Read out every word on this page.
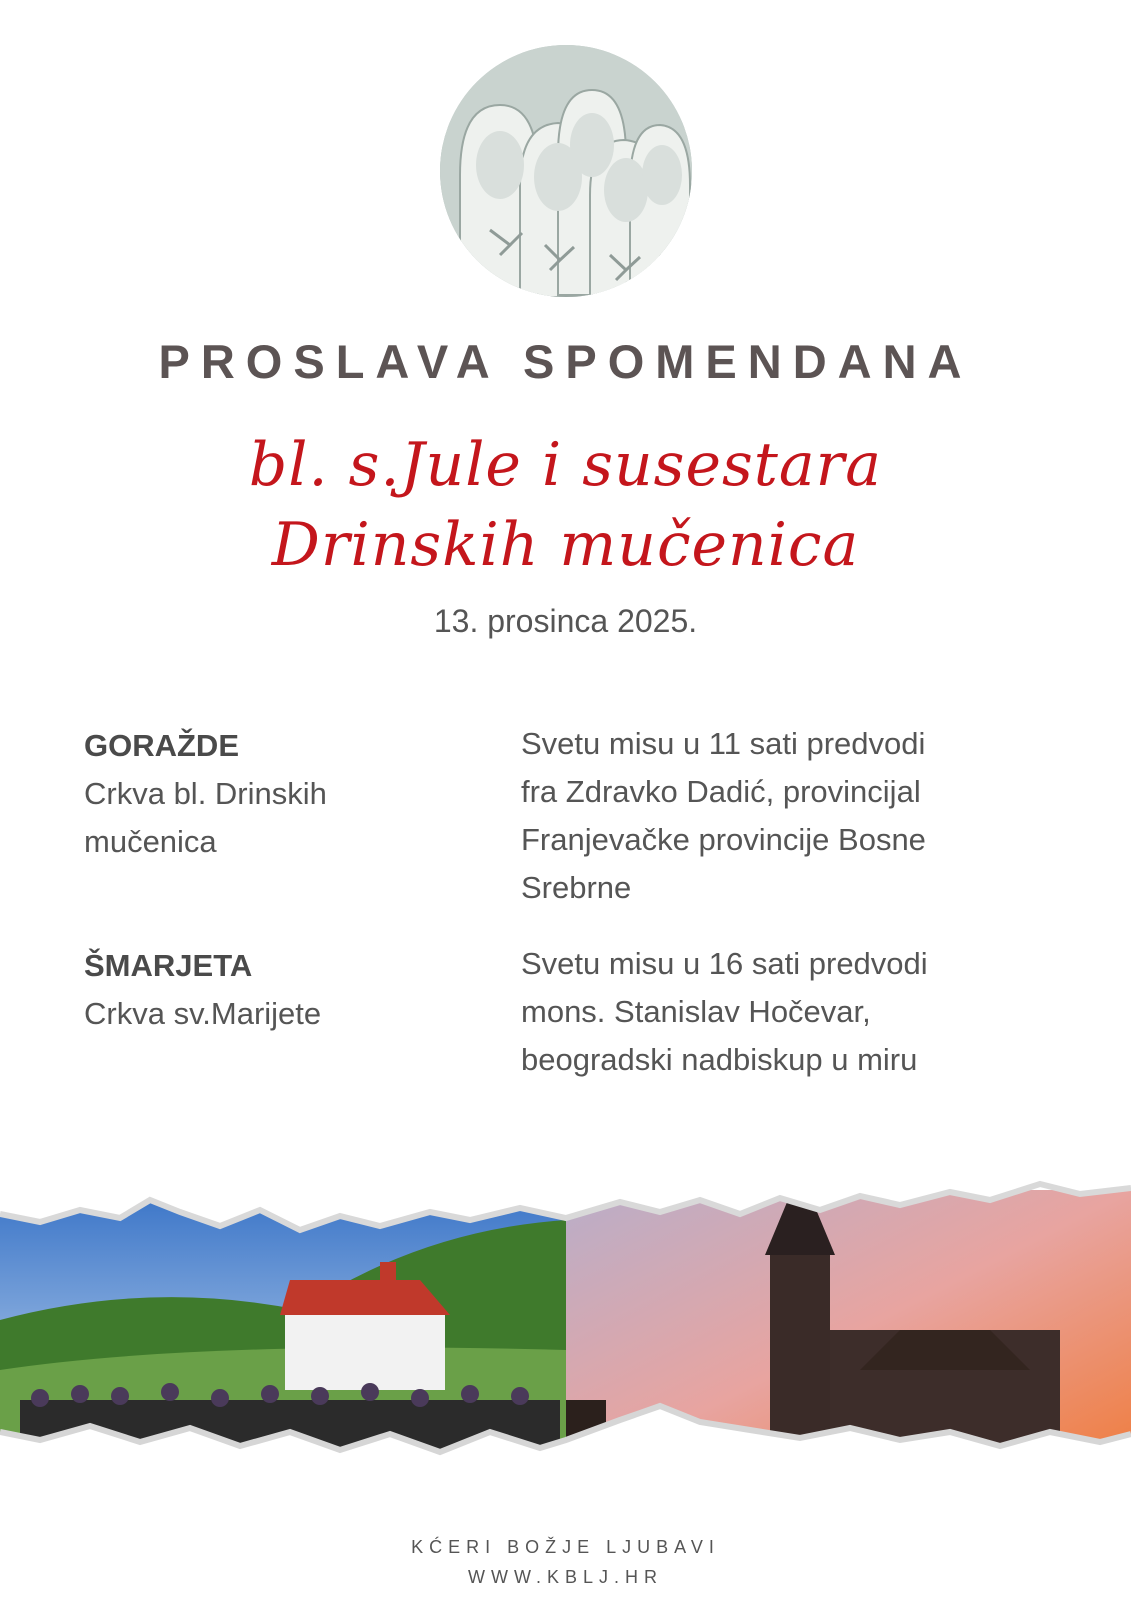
PROSLAVA SPOMENDANA
bl. s.Jule i susestara
Drinskih mučenica
13. prosinca 2025.
GORAŽDE
Crkva bl. Drinskih
mučenica
Svetu misu u 11 sati predvodi
fra Zdravko Dadić, provincijal
Franjevačke provincije Bosne
Srebrne
ŠMARJETA
Crkva sv.Marijete
Svetu misu u 16 sati predvodi
mons. Stanislav Hočevar,
beogradski nadbiskup u miru
KĆERI BOŽJE LJUBAVI
WWW.KBLJ.HR
